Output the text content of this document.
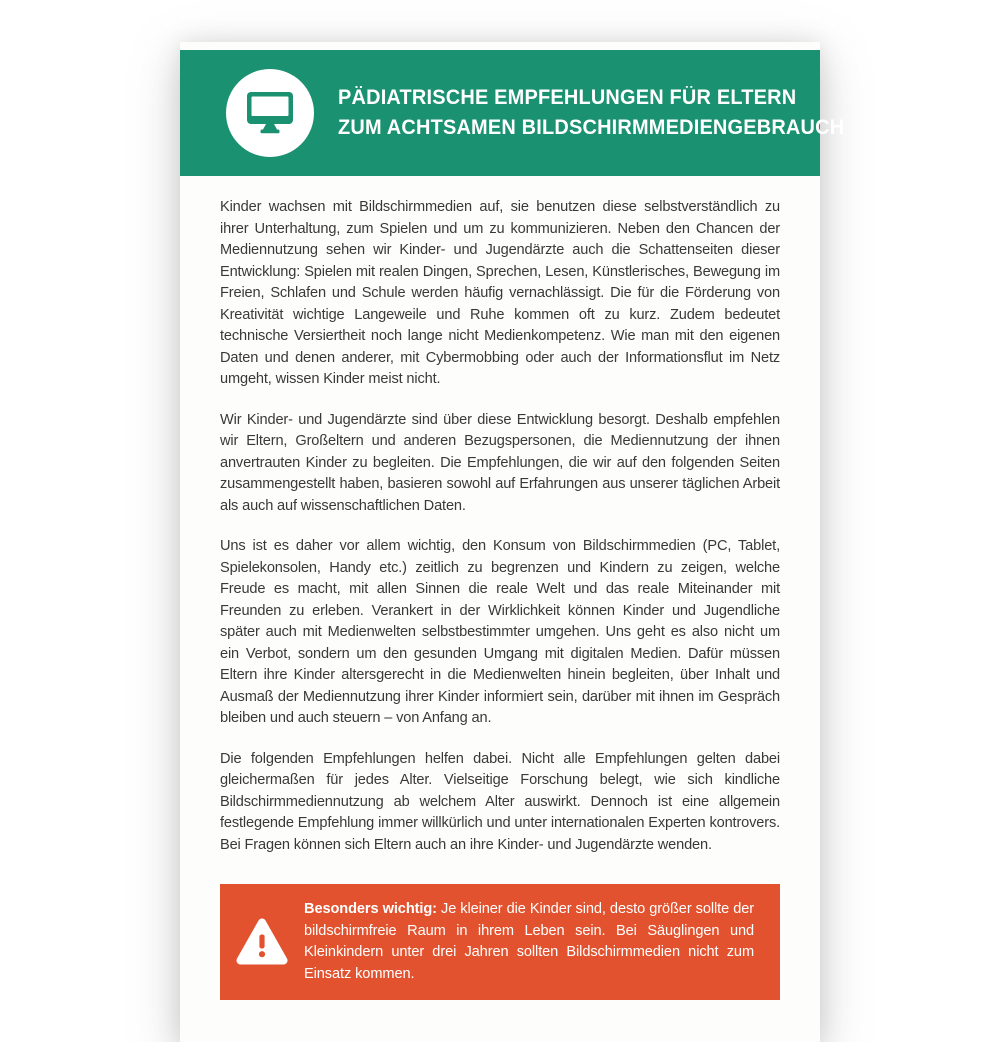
PÄDIATRISCHE EMPFEHLUNGEN FÜR ELTERN
ZUM ACHTSAMEN BILDSCHIRMMEDIENGEBRAUCH

Kinder wachsen mit Bildschirmmedien auf, sie benutzen diese selbstverständlich zu ihrer Unterhaltung, zum Spielen und um zu kommunizieren. Neben den Chancen der Mediennutzung sehen wir Kinder- und Jugendärzte auch die Schattenseiten dieser Entwicklung: Spielen mit realen Dingen, Sprechen, Lesen, Künstlerisches, Bewegung im Freien, Schlafen und Schule werden häufig vernachlässigt. Die für die Förderung von Kreativität wichtige Langeweile und Ruhe kommen oft zu kurz. Zudem bedeutet technische Versiertheit noch lange nicht Medienkompetenz. Wie man mit den eigenen Daten und denen anderer, mit Cybermobbing oder auch der Informationsflut im Netz umgeht, wissen Kinder meist nicht.

Wir Kinder- und Jugendärzte sind über diese Entwicklung besorgt. Deshalb empfehlen wir Eltern, Großeltern und anderen Bezugspersonen, die Mediennutzung der ihnen anvertrauten Kinder zu begleiten. Die Empfehlungen, die wir auf den folgenden Seiten zusammengestellt haben, basieren sowohl auf Erfahrungen aus unserer täglichen Arbeit als auch auf wissenschaftlichen Daten.

Uns ist es daher vor allem wichtig, den Konsum von Bildschirmmedien (PC, Tablet, Spielekonsolen, Handy etc.) zeitlich zu begrenzen und Kindern zu zeigen, welche Freude es macht, mit allen Sinnen die reale Welt und das reale Miteinander mit Freunden zu erleben. Verankert in der Wirklichkeit können Kinder und Jugendliche später auch mit Medienwelten selbstbestimmter umgehen. Uns geht es also nicht um ein Verbot, sondern um den gesunden Umgang mit digitalen Medien. Dafür müssen Eltern ihre Kinder altersgerecht in die Medienwelten hinein begleiten, über Inhalt und Ausmaß der Mediennutzung ihrer Kinder informiert sein, darüber mit ihnen im Gespräch bleiben und auch steuern – von Anfang an.

Die folgenden Empfehlungen helfen dabei. Nicht alle Empfehlungen gelten dabei gleichermaßen für jedes Alter. Vielseitige Forschung belegt, wie sich kindliche Bildschirmmediennutzung ab welchem Alter auswirkt. Dennoch ist eine allgemein festlegende Empfehlung immer willkürlich und unter internationalen Experten kontrovers. Bei Fragen können sich Eltern auch an ihre Kinder- und Jugendärzte wenden.

Besonders wichtig: Je kleiner die Kinder sind, desto größer sollte der bildschirmfreie Raum in ihrem Leben sein. Bei Säuglingen und Kleinkindern unter drei Jahren sollten Bildschirmmedien nicht zum Einsatz kommen.
